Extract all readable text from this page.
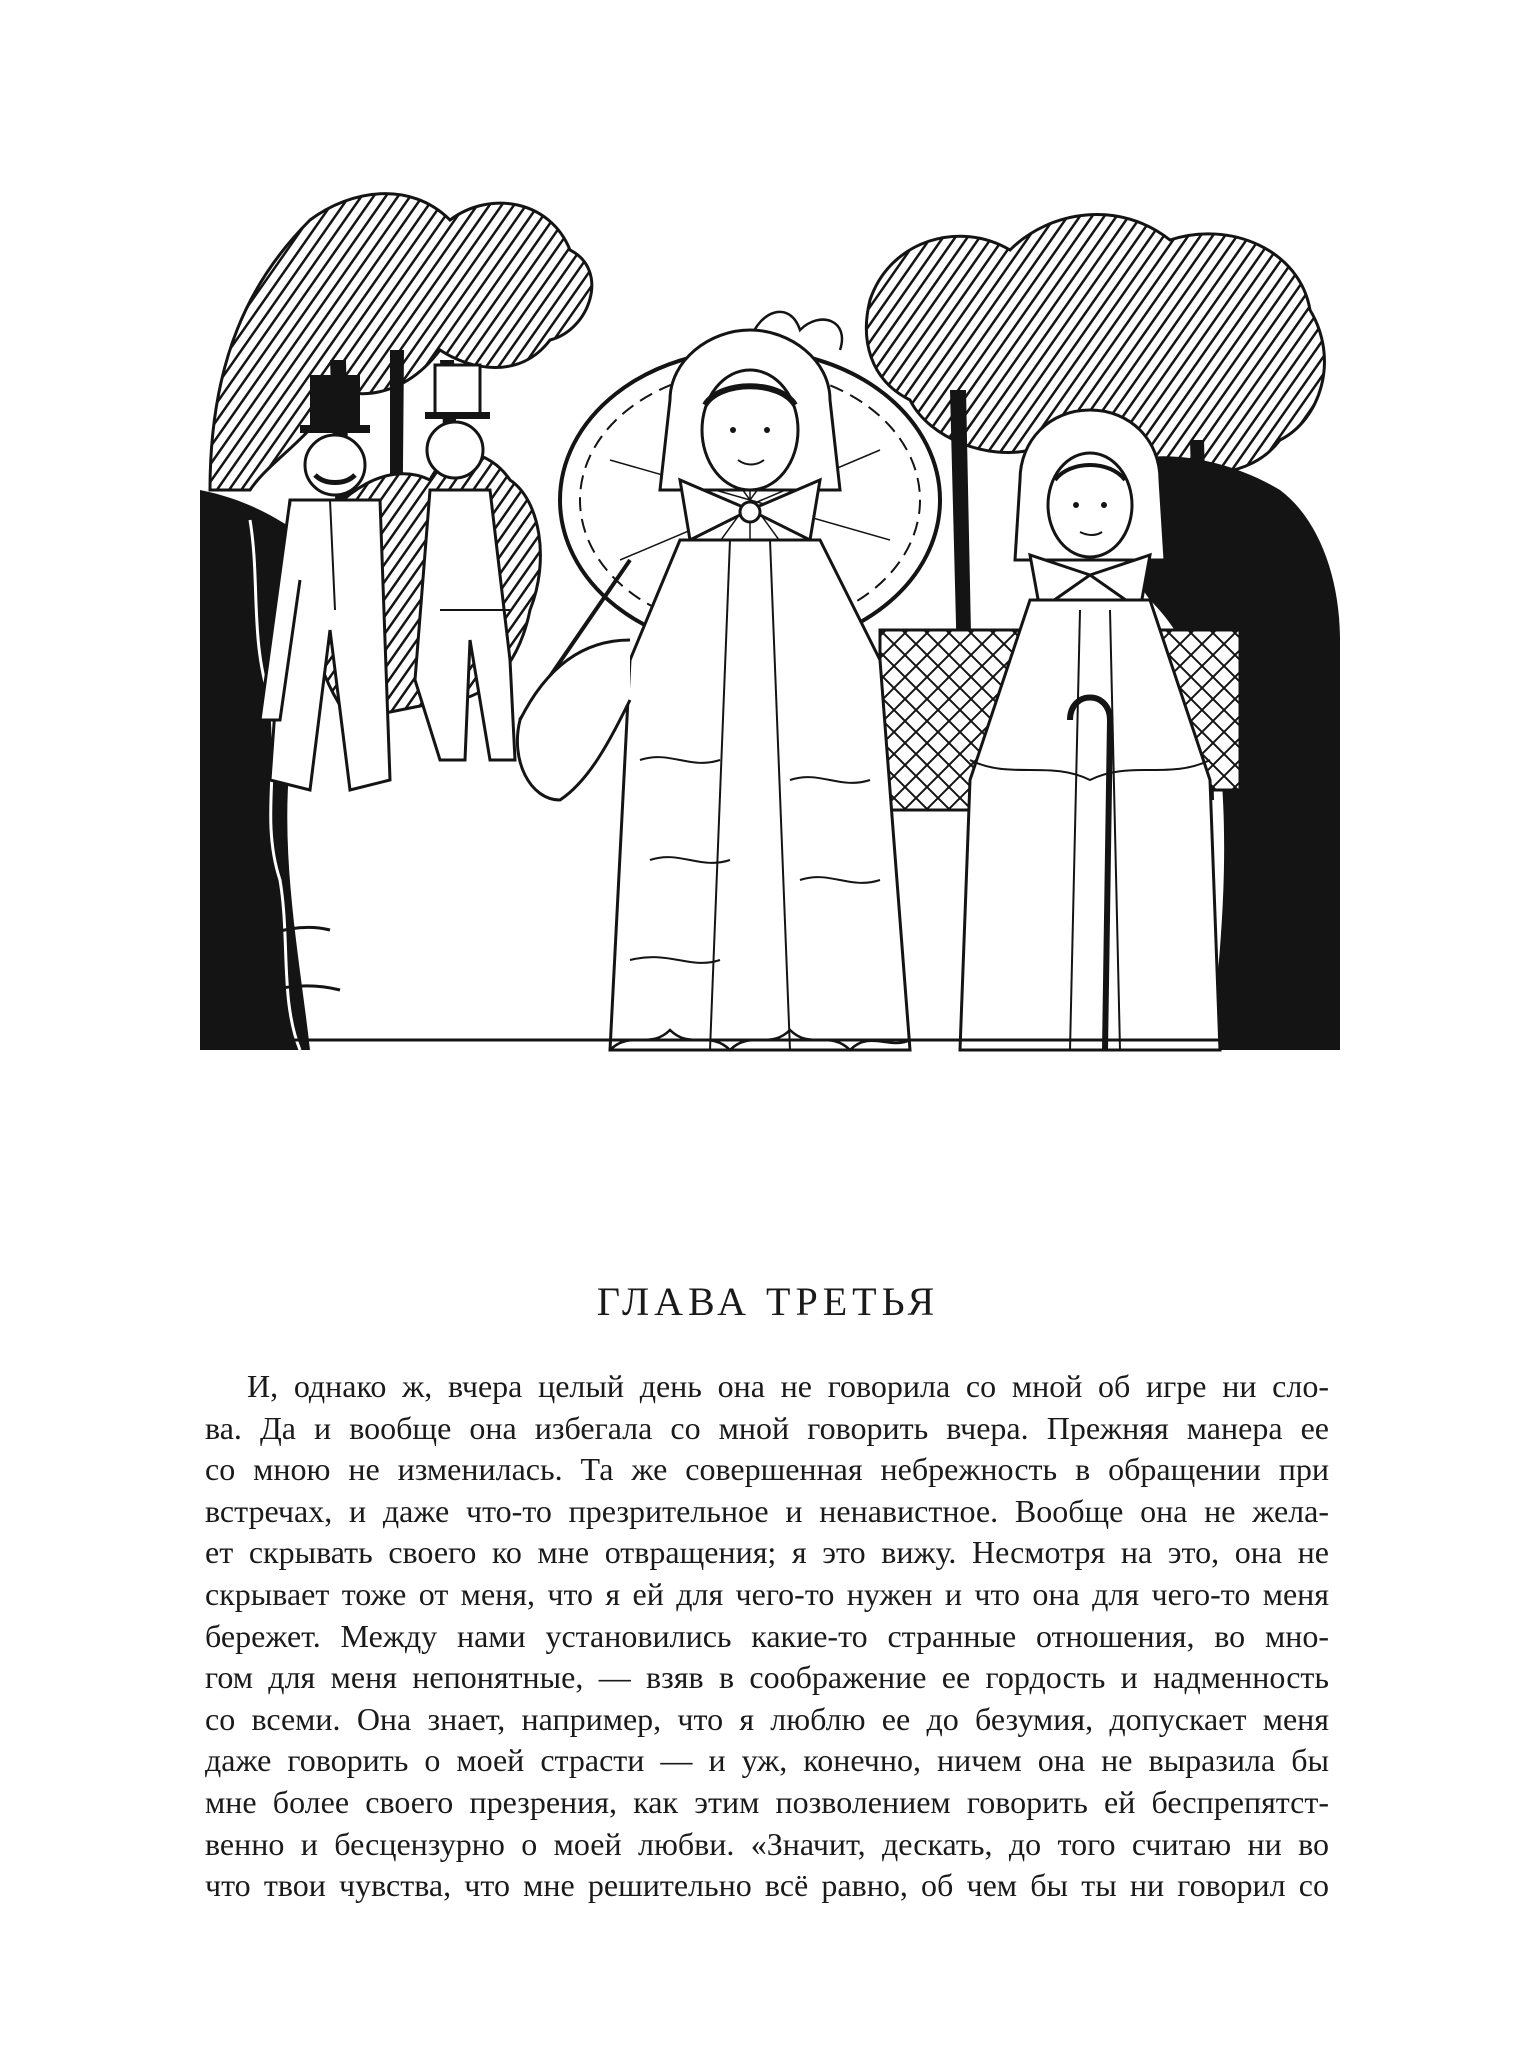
ГЛАВА ТРЕТЬЯ
И, однако ж, вчера целый день она не говорила со мной об игре ни сло-
ва. Да и вообще она избегала со мной говорить вчера. Прежняя манера ее
со мною не изменилась. Та же совершенная небрежность в обращении при
встречах, и даже что-то презрительное и ненавистное. Вообще она не жела-
ет скрывать своего ко мне отвращения; я это вижу. Несмотря на это, она не
скрывает тоже от меня, что я ей для чего-то нужен и что она для чего-то меня
бережет. Между нами установились какие-то странные отношения, во мно-
гом для меня непонятные, — взяв в соображение ее гордость и надменность
со всеми. Она знает, например, что я люблю ее до безумия, допускает меня
даже говорить о моей страсти — и уж, конечно, ничем она не выразила бы
мне более своего презрения, как этим позволением говорить ей беспрепятст-
венно и бесцензурно о моей любви. «Значит, дескать, до того считаю ни во
что твои чувства, что мне решительно всё равно, об чем бы ты ни говорил со
